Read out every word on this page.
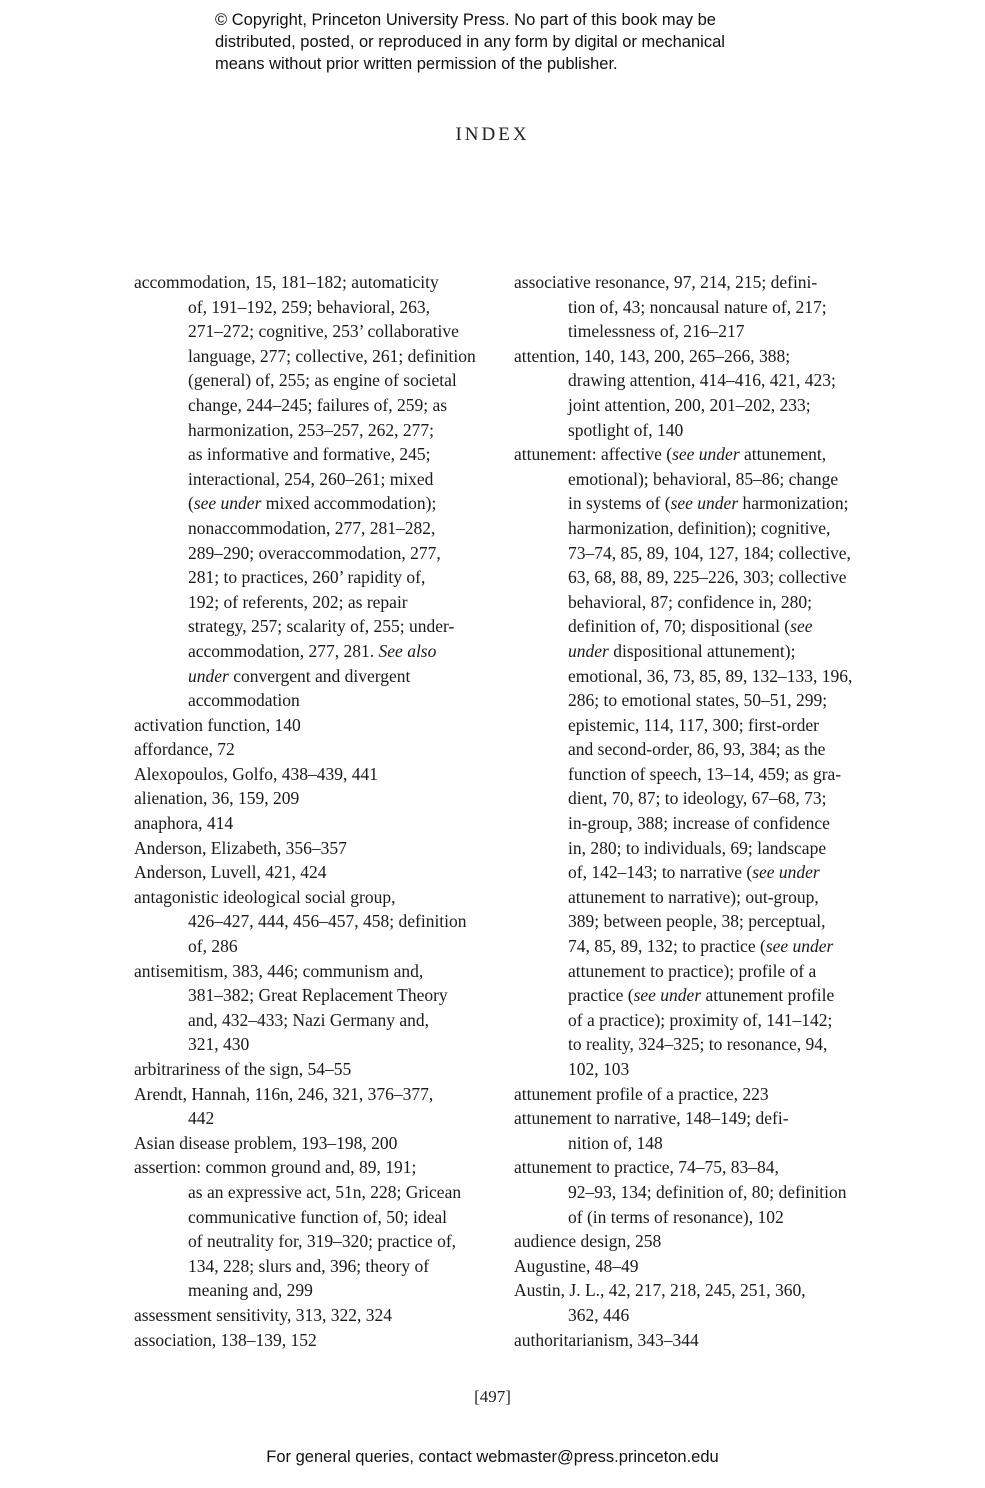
© Copyright, Princeton University Press. No part of this book may be
distributed, posted, or reproduced in any form by digital or mechanical
means without prior written permission of the publisher.
INDEX
accommodation, 15, 181–182; automaticity
of, 191–192, 259; behavioral, 263,
271–272; cognitive, 253’ collaborative
language, 277; collective, 261; definition
(general) of, 255; as engine of societal
change, 244–245; failures of, 259; as
harmonization, 253–257, 262, 277;
as informative and formative, 245;
interactional, 254, 260–261; mixed
(see under mixed accommodation);
nonaccommodation, 277, 281–282,
289–290; overaccommodation, 277,
281; to practices, 260’ rapidity of,
192; of referents, 202; as repair
strategy, 257; scalarity of, 255; under-
accommodation, 277, 281. See also
under convergent and divergent
accommodation
activation function, 140
affordance, 72
Alexopoulos, Golfo, 438–439, 441
alienation, 36, 159, 209
anaphora, 414
Anderson, Elizabeth, 356–357
Anderson, Luvell, 421, 424
antagonistic ideological social group,
426–427, 444, 456–457, 458; definition
of, 286
antisemitism, 383, 446; communism and,
381–382; Great Replacement Theory
and, 432–433; Nazi Germany and,
321, 430
arbitrariness of the sign, 54–55
Arendt, Hannah, 116n, 246, 321, 376–377,
442
Asian disease problem, 193–198, 200
assertion: common ground and, 89, 191;
as an expressive act, 51n, 228; Gricean
communicative function of, 50; ideal
of neutrality for, 319–320; practice of,
134, 228; slurs and, 396; theory of
meaning and, 299
assessment sensitivity, 313, 322, 324
association, 138–139, 152
associative resonance, 97, 214, 215; defini-
tion of, 43; noncausal nature of, 217;
timelessness of, 216–217
attention, 140, 143, 200, 265–266, 388;
drawing attention, 414–416, 421, 423;
joint attention, 200, 201–202, 233;
spotlight of, 140
attunement: affective (see under attunement,
emotional); behavioral, 85–86; change
in systems of (see under harmonization;
harmonization, definition); cognitive,
73–74, 85, 89, 104, 127, 184; collective,
63, 68, 88, 89, 225–226, 303; collective
behavioral, 87; confidence in, 280;
definition of, 70; dispositional (see
under dispositional attunement);
emotional, 36, 73, 85, 89, 132–133, 196,
286; to emotional states, 50–51, 299;
epistemic, 114, 117, 300; first-order
and second-order, 86, 93, 384; as the
function of speech, 13–14, 459; as gra-
dient, 70, 87; to ideology, 67–68, 73;
in-group, 388; increase of confidence
in, 280; to individuals, 69; landscape
of, 142–143; to narrative (see under
attunement to narrative); out-group,
389; between people, 38; perceptual,
74, 85, 89, 132; to practice (see under
attunement to practice); profile of a
practice (see under attunement profile
of a practice); proximity of, 141–142;
to reality, 324–325; to resonance, 94,
102, 103
attunement profile of a practice, 223
attunement to narrative, 148–149; defi-
nition of, 148
attunement to practice, 74–75, 83–84,
92–93, 134; definition of, 80; definition
of (in terms of resonance), 102
audience design, 258
Augustine, 48–49
Austin, J. L., 42, 217, 218, 245, 251, 360,
362, 446
authoritarianism, 343–344
[497]
For general queries, contact webmaster@press.princeton.edu
